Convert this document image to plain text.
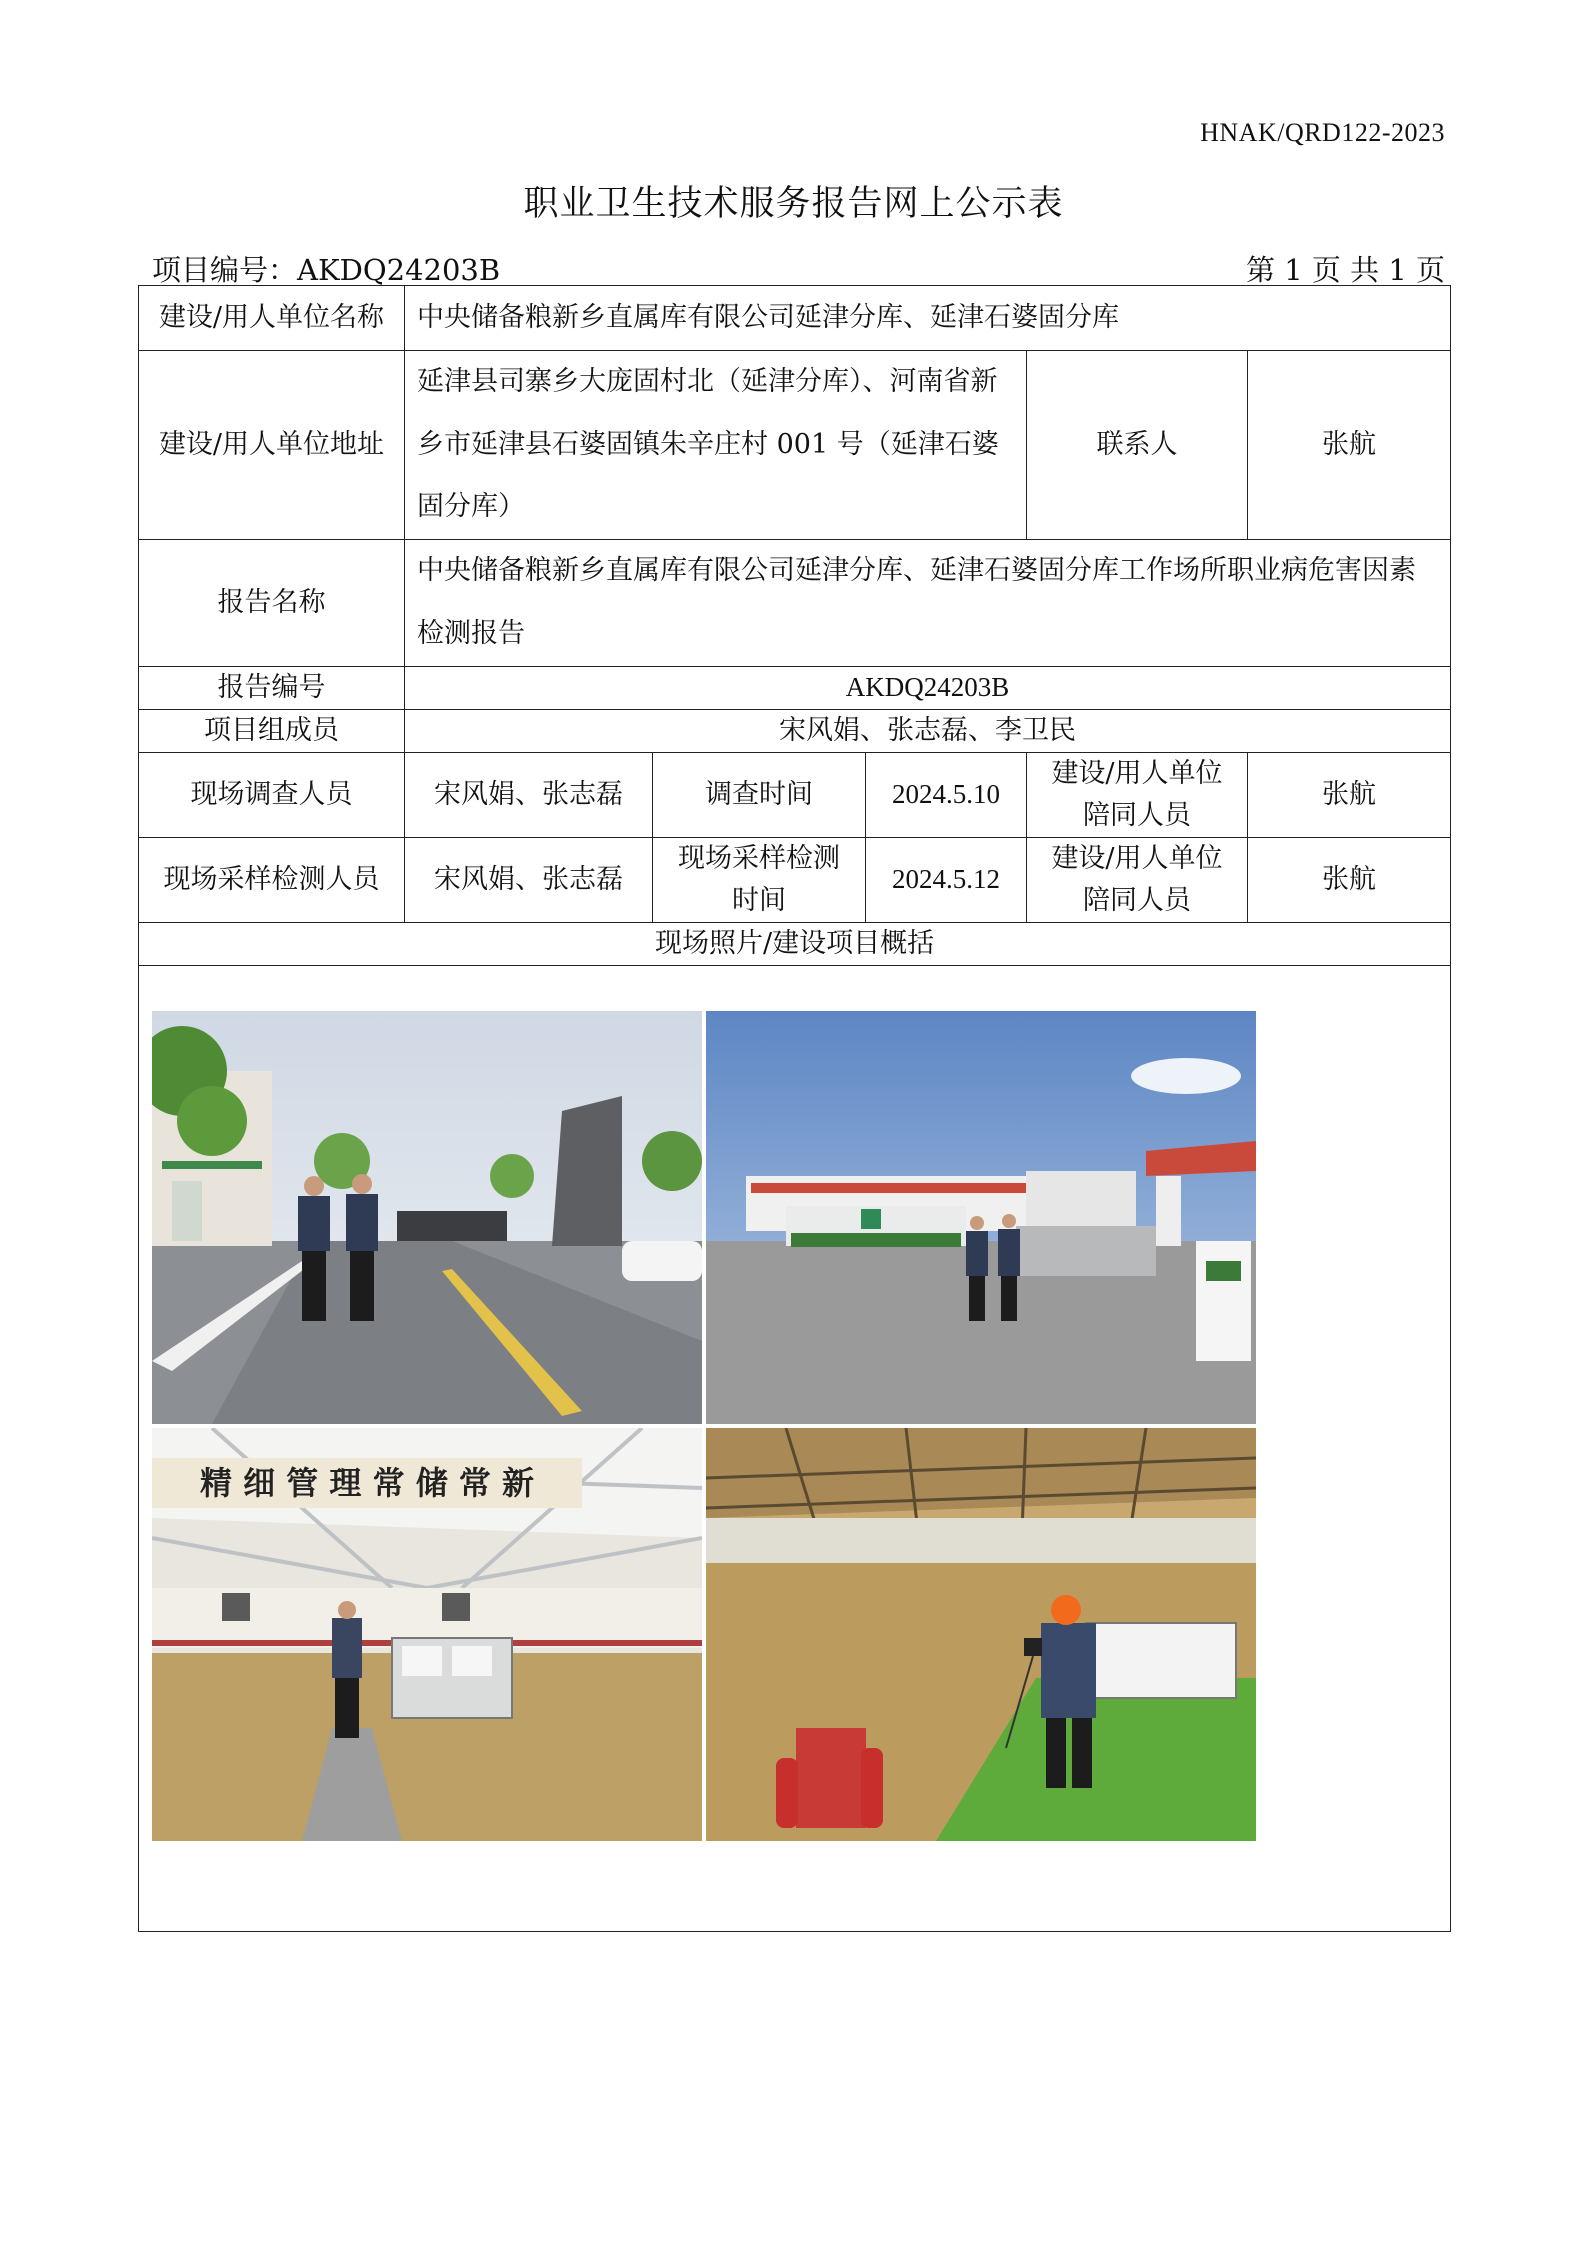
HNAK/QRD122-2023
职业卫生技术服务报告网上公示表
项目编号：AKDQ24203B	第 1 页 共 1 页
建设/用人单位名称	中央储备粮新乡直属库有限公司延津分库、延津石婆固分库				
建设/用人单位地址	延津县司寨乡大庞固村北（延津分库）、河南省新乡市延津县石婆固镇朱辛庄村 001 号（延津石婆固分库）			联系人	张航
报告名称	中央储备粮新乡直属库有限公司延津分库、延津石婆固分库工作场所职业病危害因素检测报告				
报告编号	AKDQ24203B				
项目组成员	宋风娟、张志磊、李卫民				
现场调查人员	宋风娟、张志磊	调查时间	2024.5.10	建设/用人单位陪同人员	张航
现场采样检测人员	宋风娟、张志磊	现场采样检测时间	2024.5.12	建设/用人单位陪同人员	张航
现场照片/建设项目概括					

精 细 管 理 常 储 常 新					
